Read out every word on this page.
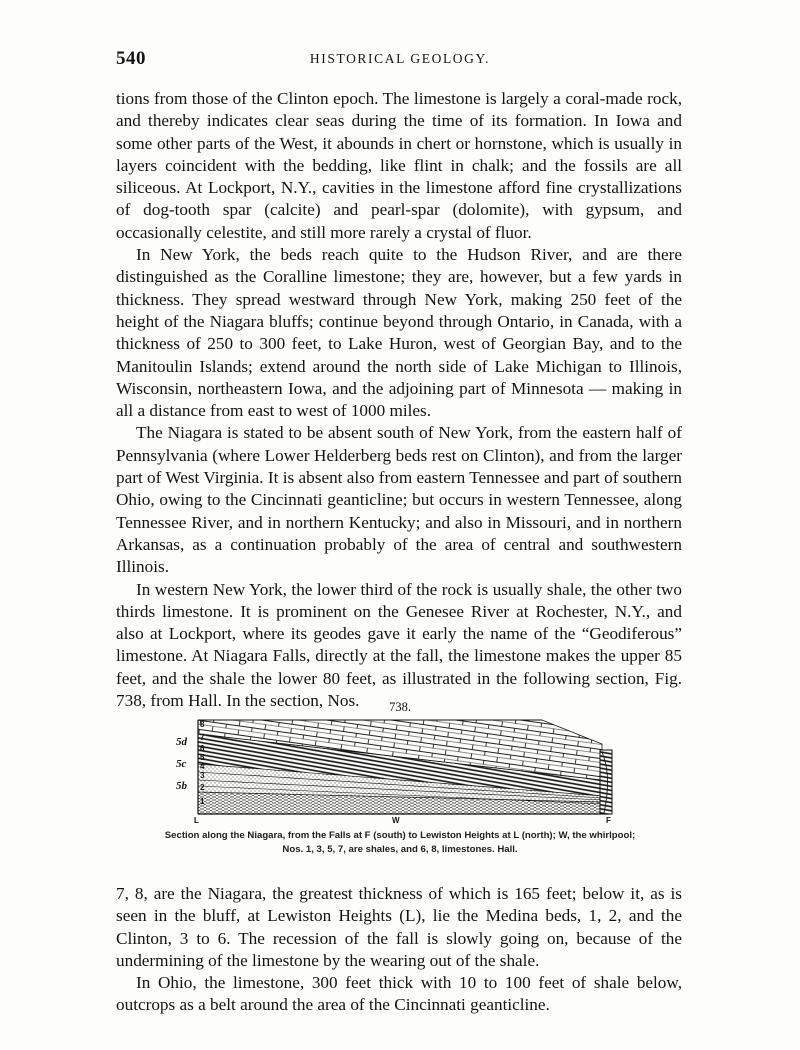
540	HISTORICAL GEOLOGY.

tions from those of the Clinton epoch. The limestone is largely a coral-made rock, and thereby indicates clear seas during the time of its formation. In Iowa and some other parts of the West, it abounds in chert or hornstone, which is usually in layers coincident with the bedding, like flint in chalk; and the fossils are all siliceous. At Lockport, N.Y., cavities in the limestone afford fine crystallizations of dog-tooth spar (calcite) and pearl-spar (dolomite), with gypsum, and occasionally celestite, and still more rarely a crystal of fluor.

In New York, the beds reach quite to the Hudson River, and are there distinguished as the Coralline limestone; they are, however, but a few yards in thickness. They spread westward through New York, making 250 feet of the height of the Niagara bluffs; continue beyond through Ontario, in Canada, with a thickness of 250 to 300 feet, to Lake Huron, west of Georgian Bay, and to the Manitoulin Islands; extend around the north side of Lake Michigan to Illinois, Wisconsin, northeastern Iowa, and the adjoining part of Minnesota — making in all a distance from east to west of 1000 miles.

The Niagara is stated to be absent south of New York, from the eastern half of Pennsylvania (where Lower Helderberg beds rest on Clinton), and from the larger part of West Virginia. It is absent also from eastern Tennessee and part of southern Ohio, owing to the Cincinnati geanticline; but occurs in western Tennessee, along Tennessee River, and in northern Kentucky; and also in Missouri, and in northern Arkansas, as a continuation probably of the area of central and southwestern Illinois.

In western New York, the lower third of the rock is usually shale, the other two thirds limestone. It is prominent on the Genesee River at Rochester, N.Y., and also at Lockport, where its geodes gave it early the name of the “Geodiferous” limestone. At Niagara Falls, directly at the fall, the limestone makes the upper 85 feet, and the shale the lower 80 feet, as illustrated in the following section, Fig. 738, from Hall. In the section, Nos.	738.
8
7
6
5
4
3
2
1
5d
5c
5b
L	W	F
Section along the Niagara, from the Falls at F (south) to Lewiston Heights at L (north); W, the whirlpool;
Nos. 1, 3, 5, 7, are shales, and 6, 8, limestones. Hall.

7, 8, are the Niagara, the greatest thickness of which is 165 feet; below it, as is seen in the bluff, at Lewiston Heights (L), lie the Medina beds, 1, 2, and the Clinton, 3 to 6. The recession of the fall is slowly going on, because of the undermining of the limestone by the wearing out of the shale.

In Ohio, the limestone, 300 feet thick with 10 to 100 feet of shale below, outcrops as a belt around the area of the Cincinnati geanticline.
